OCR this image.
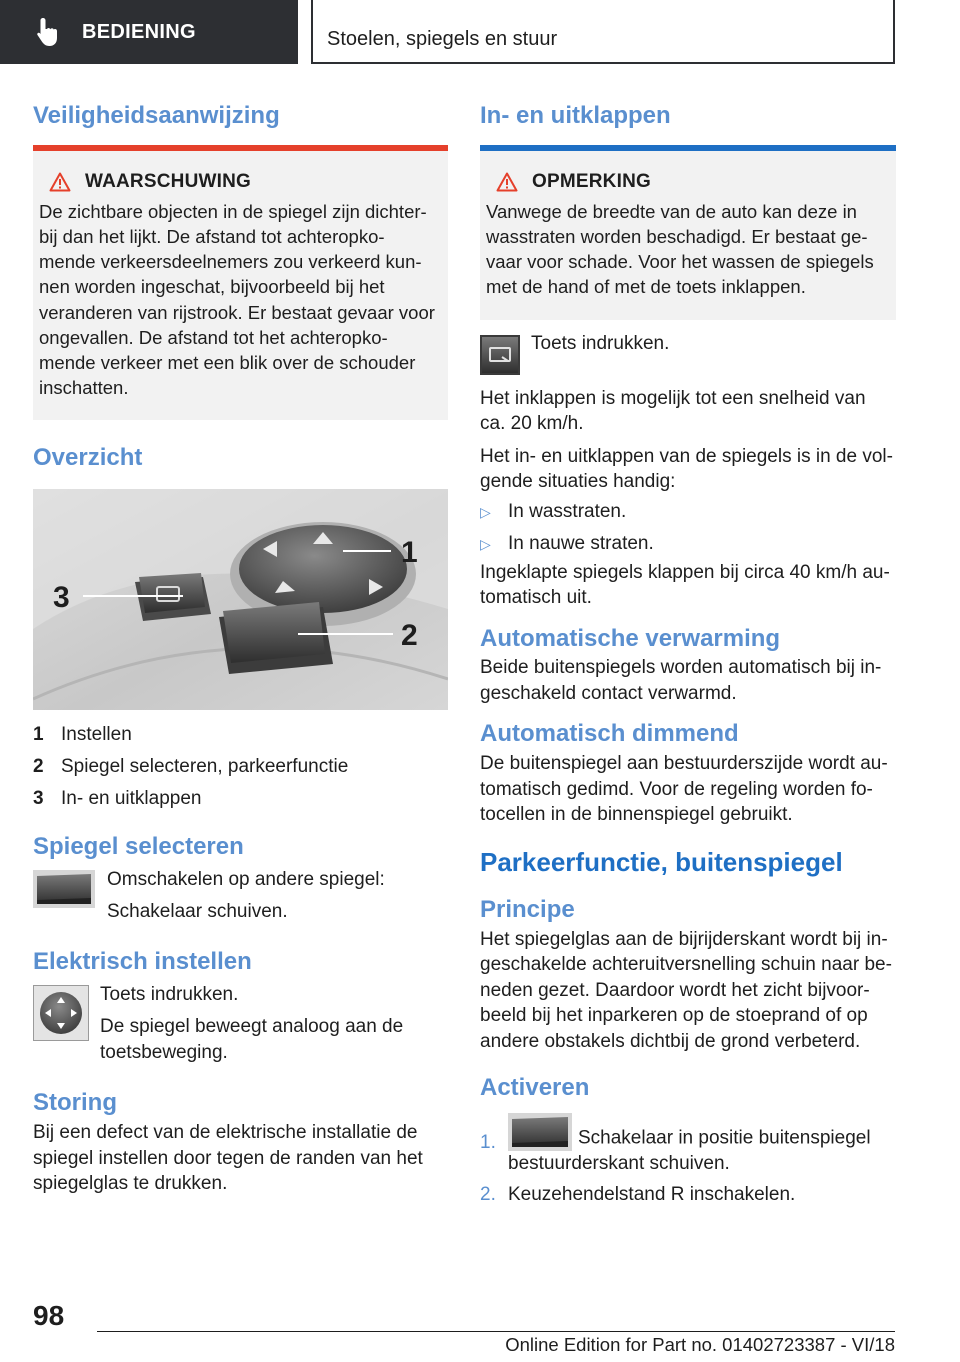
BEDIENING	Stoelen, spiegels en stuur
Veiligheidsaanwijzing
WAARSCHUWING

De zichtbare objecten in de spiegel zijn dichter-bij dan het lijkt. De afstand tot achteropko-mende verkeersdeelnemers zou verkeerd kun-nen worden ingeschat, bijvoorbeeld bij het veranderen van rijstrook. Er bestaat gevaar voor ongevallen. De afstand tot het achteropko-mende verkeer met een blik over de schouder inschatten.

Overzicht
3
1
2
1 Instellen
2 Spiegel selecteren, parkeerfunctie
3 In- en uitklappen
Spiegel selecteren

Omschakelen op andere spiegel:

Schakelaar schuiven.

Elektrisch instellen

Toets indrukken.

De spiegel beweegt analoog aan de toetsbeweging.

Storing

Bij een defect van de elektrische installatie de spiegel instellen door tegen de randen van het spiegelglas te drukken.

In- en uitklappen
OPMERKING

Vanwege de breedte van de auto kan deze in wasstraten worden beschadigd. Er bestaat ge-vaar voor schade. Voor het wassen de spiegels met de hand of met de toets inklappen.

Toets indrukken.

Het inklappen is mogelijk tot een snelheid van ca. 20 km/h.

Het in- en uitklappen van de spiegels is in de vol-gende situaties handig:

▷ In wasstraten.
▷ In nauwe straten.

Ingeklapte spiegels klappen bij circa 40 km/h au-tomatisch uit.

Automatische verwarming

Beide buitenspiegels worden automatisch bij in-geschakeld contact verwarmd.

Automatisch dimmend

De buitenspiegel aan bestuurderszijde wordt au-tomatisch gedimd. Voor de regeling worden fo-tocellen in de binnenspiegel gebruikt.

Parkeerfunctie, buitenspiegel
Principe

Het spiegelglas aan de bijrijderskant wordt bij in-geschakelde achteruitversnelling schuin naar be-neden gezet. Daardoor wordt het zicht bijvoor-beeld bij het inparkeren op de stoeprand of op andere obstakels dichtbij de grond verbeterd.

Activeren
1.	Schakelaar in positie buitenspiegel bestuurderskant schuiven.
2. Keuzehendelstand R inschakelen.
98
Online Edition for Part no. 01402723387 - VI/18
